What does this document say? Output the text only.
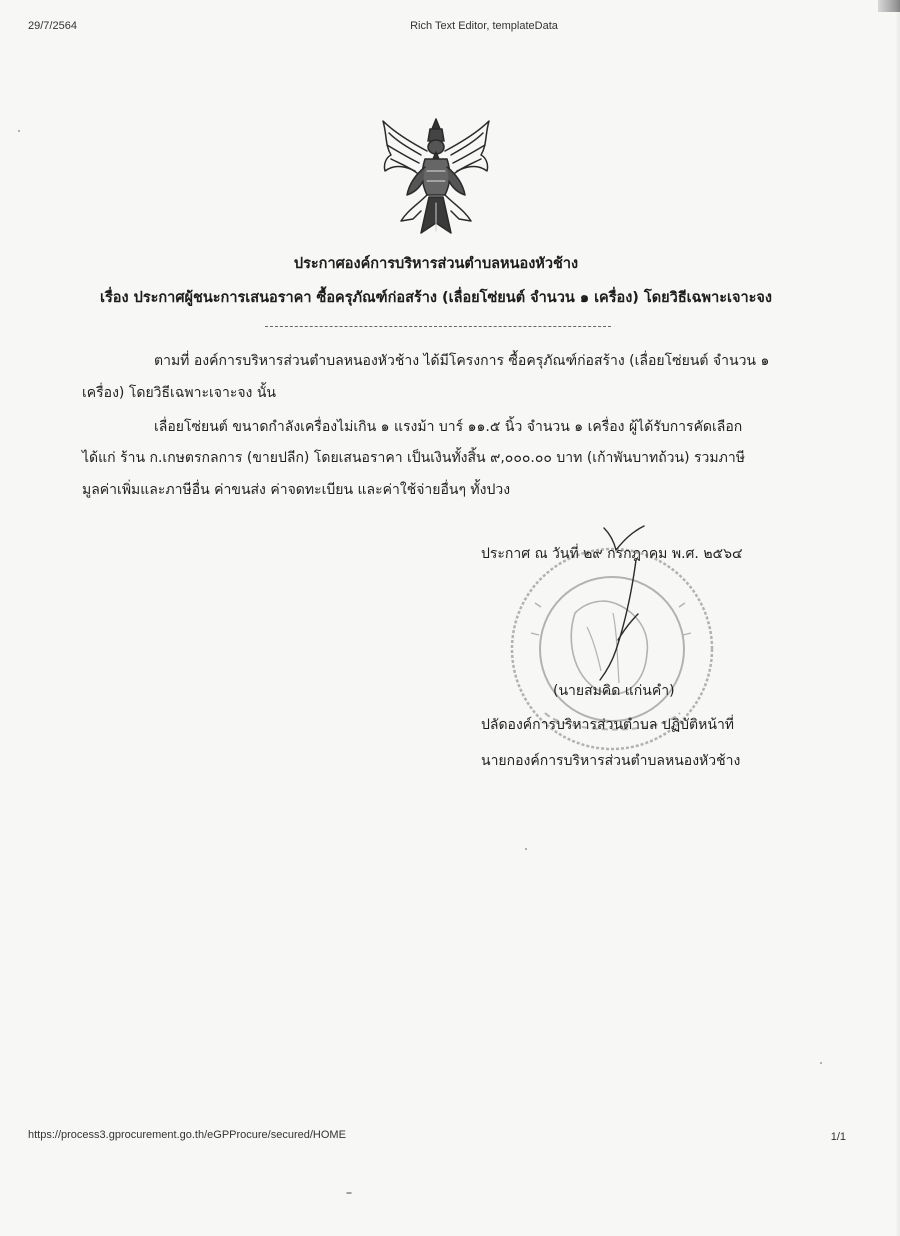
29/7/2564	Rich Text Editor, templateData
ประกาศองค์การบริหารส่วนตำบลหนองหัวช้าง
เรื่อง ประกาศผู้ชนะการเสนอราคา ซื้อครุภัณฑ์ก่อสร้าง (เลื่อยโซ่ยนต์ จำนวน ๑ เครื่อง) โดยวิธีเฉพาะเจาะจง
ตามที่ องค์การบริหารส่วนตำบลหนองหัวช้าง ได้มีโครงการ ซื้อครุภัณฑ์ก่อสร้าง (เลื่อยโซ่ยนต์ จำนวน ๑
เครื่อง) โดยวิธีเฉพาะเจาะจง นั้น
เลื่อยโซ่ยนต์ ขนาดกำลังเครื่องไม่เกิน ๑ แรงม้า บาร์ ๑๑.๕ นิ้ว จำนวน ๑ เครื่อง ผู้ได้รับการคัดเลือก
ได้แก่ ร้าน ก.เกษตรกลการ (ขายปลีก) โดยเสนอราคา เป็นเงินทั้งสิ้น ๙,๐๐๐.๐๐ บาท (เก้าพันบาทถ้วน) รวมภาษี
มูลค่าเพิ่มและภาษีอื่น ค่าขนส่ง ค่าจดทะเบียน และค่าใช้จ่ายอื่นๆ ทั้งปวง
ประกาศ ณ วันที่ ๒๙ กรกฎาคม พ.ศ. ๒๕๖๔
(นายสมคิด แก่นคำ)
ปลัดองค์การบริหารส่วนตำบล ปฏิบัติหน้าที่
นายกองค์การบริหารส่วนตำบลหนองหัวช้าง
https://process3.gprocurement.go.th/eGPProcure/secured/HOME	1/1
